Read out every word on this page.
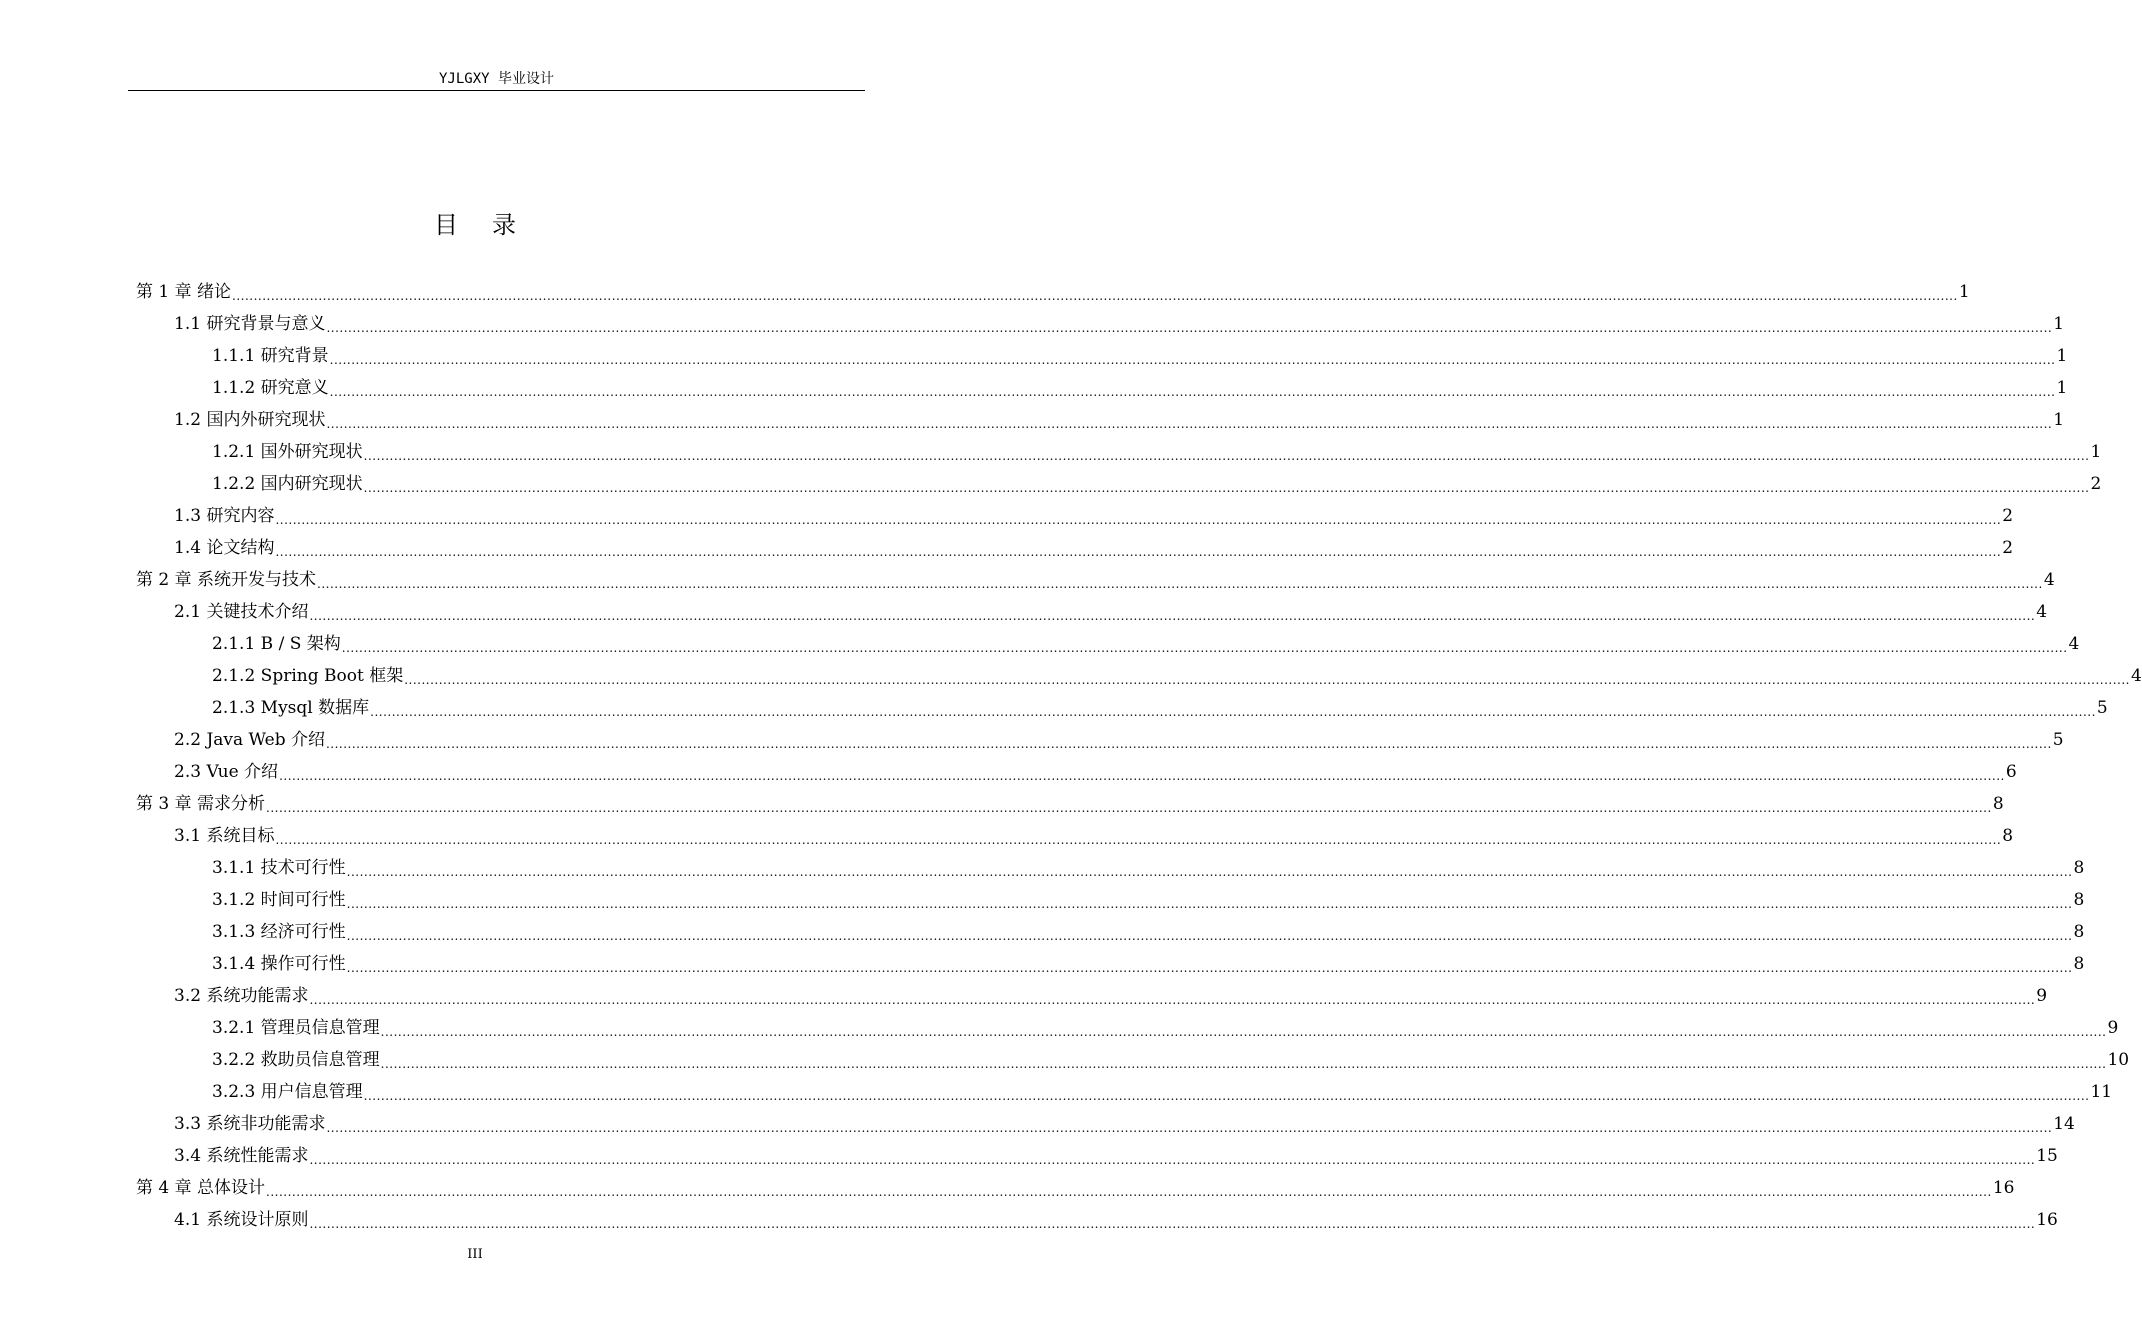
YJLGXY 毕业设计
目录
第 1 章 绪论 ................................................................................................................................................................................................................................................................................................................................................................................................................ 1
1.1 研究背景与意义 ................................................................................................................................................................................................................................................................................................................................................................................................................ 1
1.1.1 研究背景 ................................................................................................................................................................................................................................................................................................................................................................................................................ 1
1.1.2 研究意义 ................................................................................................................................................................................................................................................................................................................................................................................................................ 1
1.2 国内外研究现状 ................................................................................................................................................................................................................................................................................................................................................................................................................ 1
1.2.1 国外研究现状 ................................................................................................................................................................................................................................................................................................................................................................................................................ 1
1.2.2 国内研究现状 ................................................................................................................................................................................................................................................................................................................................................................................................................ 2
1.3 研究内容 ................................................................................................................................................................................................................................................................................................................................................................................................................ 2
1.4 论文结构 ................................................................................................................................................................................................................................................................................................................................................................................................................ 2
第 2 章 系统开发与技术 ................................................................................................................................................................................................................................................................................................................................................................................................................ 4
2.1 关键技术介绍 ................................................................................................................................................................................................................................................................................................................................................................................................................ 4
2.1.1 B / S 架构 ................................................................................................................................................................................................................................................................................................................................................................................................................ 4
2.1.2 Spring Boot 框架 ................................................................................................................................................................................................................................................................................................................................................................................................................ 4
2.1.3 Mysql 数据库 ................................................................................................................................................................................................................................................................................................................................................................................................................ 5
2.2 Java Web 介绍 ................................................................................................................................................................................................................................................................................................................................................................................................................ 5
2.3 Vue 介绍 ................................................................................................................................................................................................................................................................................................................................................................................................................ 6
第 3 章 需求分析 ................................................................................................................................................................................................................................................................................................................................................................................................................ 8
3.1 系统目标 ................................................................................................................................................................................................................................................................................................................................................................................................................ 8
3.1.1 技术可行性 ................................................................................................................................................................................................................................................................................................................................................................................................................ 8
3.1.2 时间可行性 ................................................................................................................................................................................................................................................................................................................................................................................................................ 8
3.1.3 经济可行性 ................................................................................................................................................................................................................................................................................................................................................................................................................ 8
3.1.4 操作可行性 ................................................................................................................................................................................................................................................................................................................................................................................................................ 8
3.2 系统功能需求 ................................................................................................................................................................................................................................................................................................................................................................................................................ 9
3.2.1 管理员信息管理 ................................................................................................................................................................................................................................................................................................................................................................................................................ 9
3.2.2 救助员信息管理 ................................................................................................................................................................................................................................................................................................................................................................................................................ 10
3.2.3 用户信息管理 ................................................................................................................................................................................................................................................................................................................................................................................................................ 11
3.3 系统非功能需求 ................................................................................................................................................................................................................................................................................................................................................................................................................ 14
3.4 系统性能需求 ................................................................................................................................................................................................................................................................................................................................................................................................................ 15
第 4 章 总体设计 ................................................................................................................................................................................................................................................................................................................................................................................................................ 16
4.1 系统设计原则 ................................................................................................................................................................................................................................................................................................................................................................................................................ 16
III
